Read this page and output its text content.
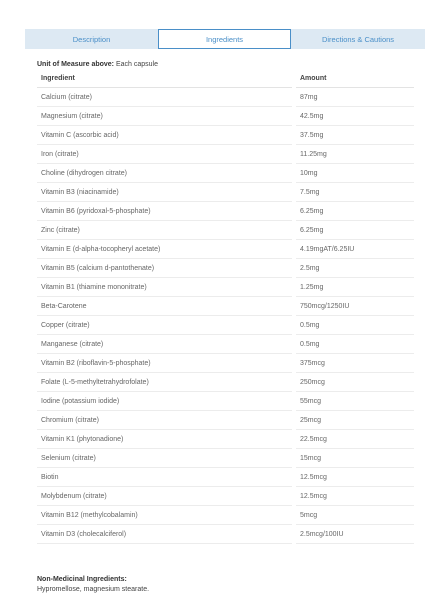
Description	Ingredients	Directions & Cautions
Unit of Measure above: Each capsule
Ingredient		Amount
Calcium (citrate)		87mg
Magnesium (citrate)		42.5mg
Vitamin C (ascorbic acid)		37.5mg
Iron (citrate)		11.25mg
Choline (dihydrogen citrate)		10mg
Vitamin B3 (niacinamide)		7.5mg
Vitamin B6 (pyridoxal-5-phosphate)		6.25mg
Zinc (citrate)		6.25mg
Vitamin E (d-alpha-tocopheryl acetate)		4.19mgAT/6.25IU
Vitamin B5 (calcium d-pantothenate)		2.5mg
Vitamin B1 (thiamine mononitrate)		1.25mg
Beta-Carotene		750mcg/1250IU
Copper (citrate)		0.5mg
Manganese (citrate)		0.5mg
Vitamin B2 (riboflavin-5-phosphate)		375mcg
Folate (L-5-methyltetrahydrofolate)		250mcg
Iodine (potassium iodide)		55mcg
Chromium (citrate)		25mcg
Vitamin K1 (phytonadione)		22.5mcg
Selenium (citrate)		15mcg
Biotin		12.5mcg
Molybdenum (citrate)		12.5mcg
Vitamin B12 (methylcobalamin)		5mcg
Vitamin D3 (cholecalciferol)		2.5mcg/100IU
Non-Medicinal Ingredients:
Hypromellose, magnesium stearate.
